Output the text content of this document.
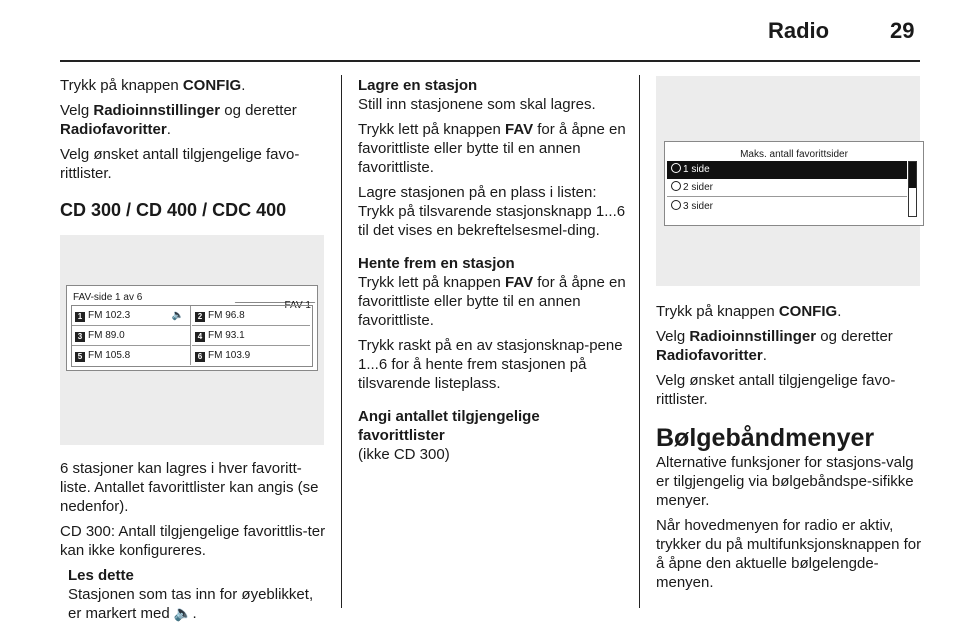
Radio	29

Trykk på knappen CONFIG.

Velg Radioinnstillinger og deretter
Radiofavoritter.

Velg ønsket antall tilgjengelige favo-rittlister.

CD 300 / CD 400 / CDC 400
FAV-side 1 av 6
FAV 1
1 FM 102.3	🔈	2 FM 96.8
3 FM 89.0	4 FM 93.1
5 FM 105.8	6 FM 103.9

6 stasjoner kan lagres i hver favoritt-liste. Antallet favorittlister kan angis (se nedenfor).

CD 300: Antall tilgjengelige favorittlis-ter kan ikke konfigureres.

Les dette

Stasjonen som tas inn for øyeblikket, er markert med 🔈.

Lagre en stasjon

Still inn stasjonene som skal lagres.

Trykk lett på knappen FAV for å åpne en favorittliste eller bytte til en annen favorittliste.

Lagre stasjonen på en plass i listen: Trykk på tilsvarende stasjonsknapp 1...6 til det vises en bekreftelsesmel-ding.

Hente frem en stasjon

Trykk lett på knappen FAV for å åpne en favorittliste eller bytte til en annen favorittliste.

Trykk raskt på en av stasjonsknap-pene 1...6 for å hente frem stasjonen på tilsvarende listeplass.

Angi antallet tilgjengelige favorittlister

(ikke CD 300)

Maks. antall favorittsider
1 side
2 sider
3 sider

Trykk på knappen CONFIG.

Velg Radioinnstillinger og deretter
Radiofavoritter.

Velg ønsket antall tilgjengelige favo-rittlister.

Bølgebåndmenyer

Alternative funksjoner for stasjons-valg er tilgjengelig via bølgebåndspe-sifikke menyer.

Når hovedmenyen for radio er aktiv, trykker du på multifunksjonsknappen for å åpne den aktuelle bølgelengde-menyen.
